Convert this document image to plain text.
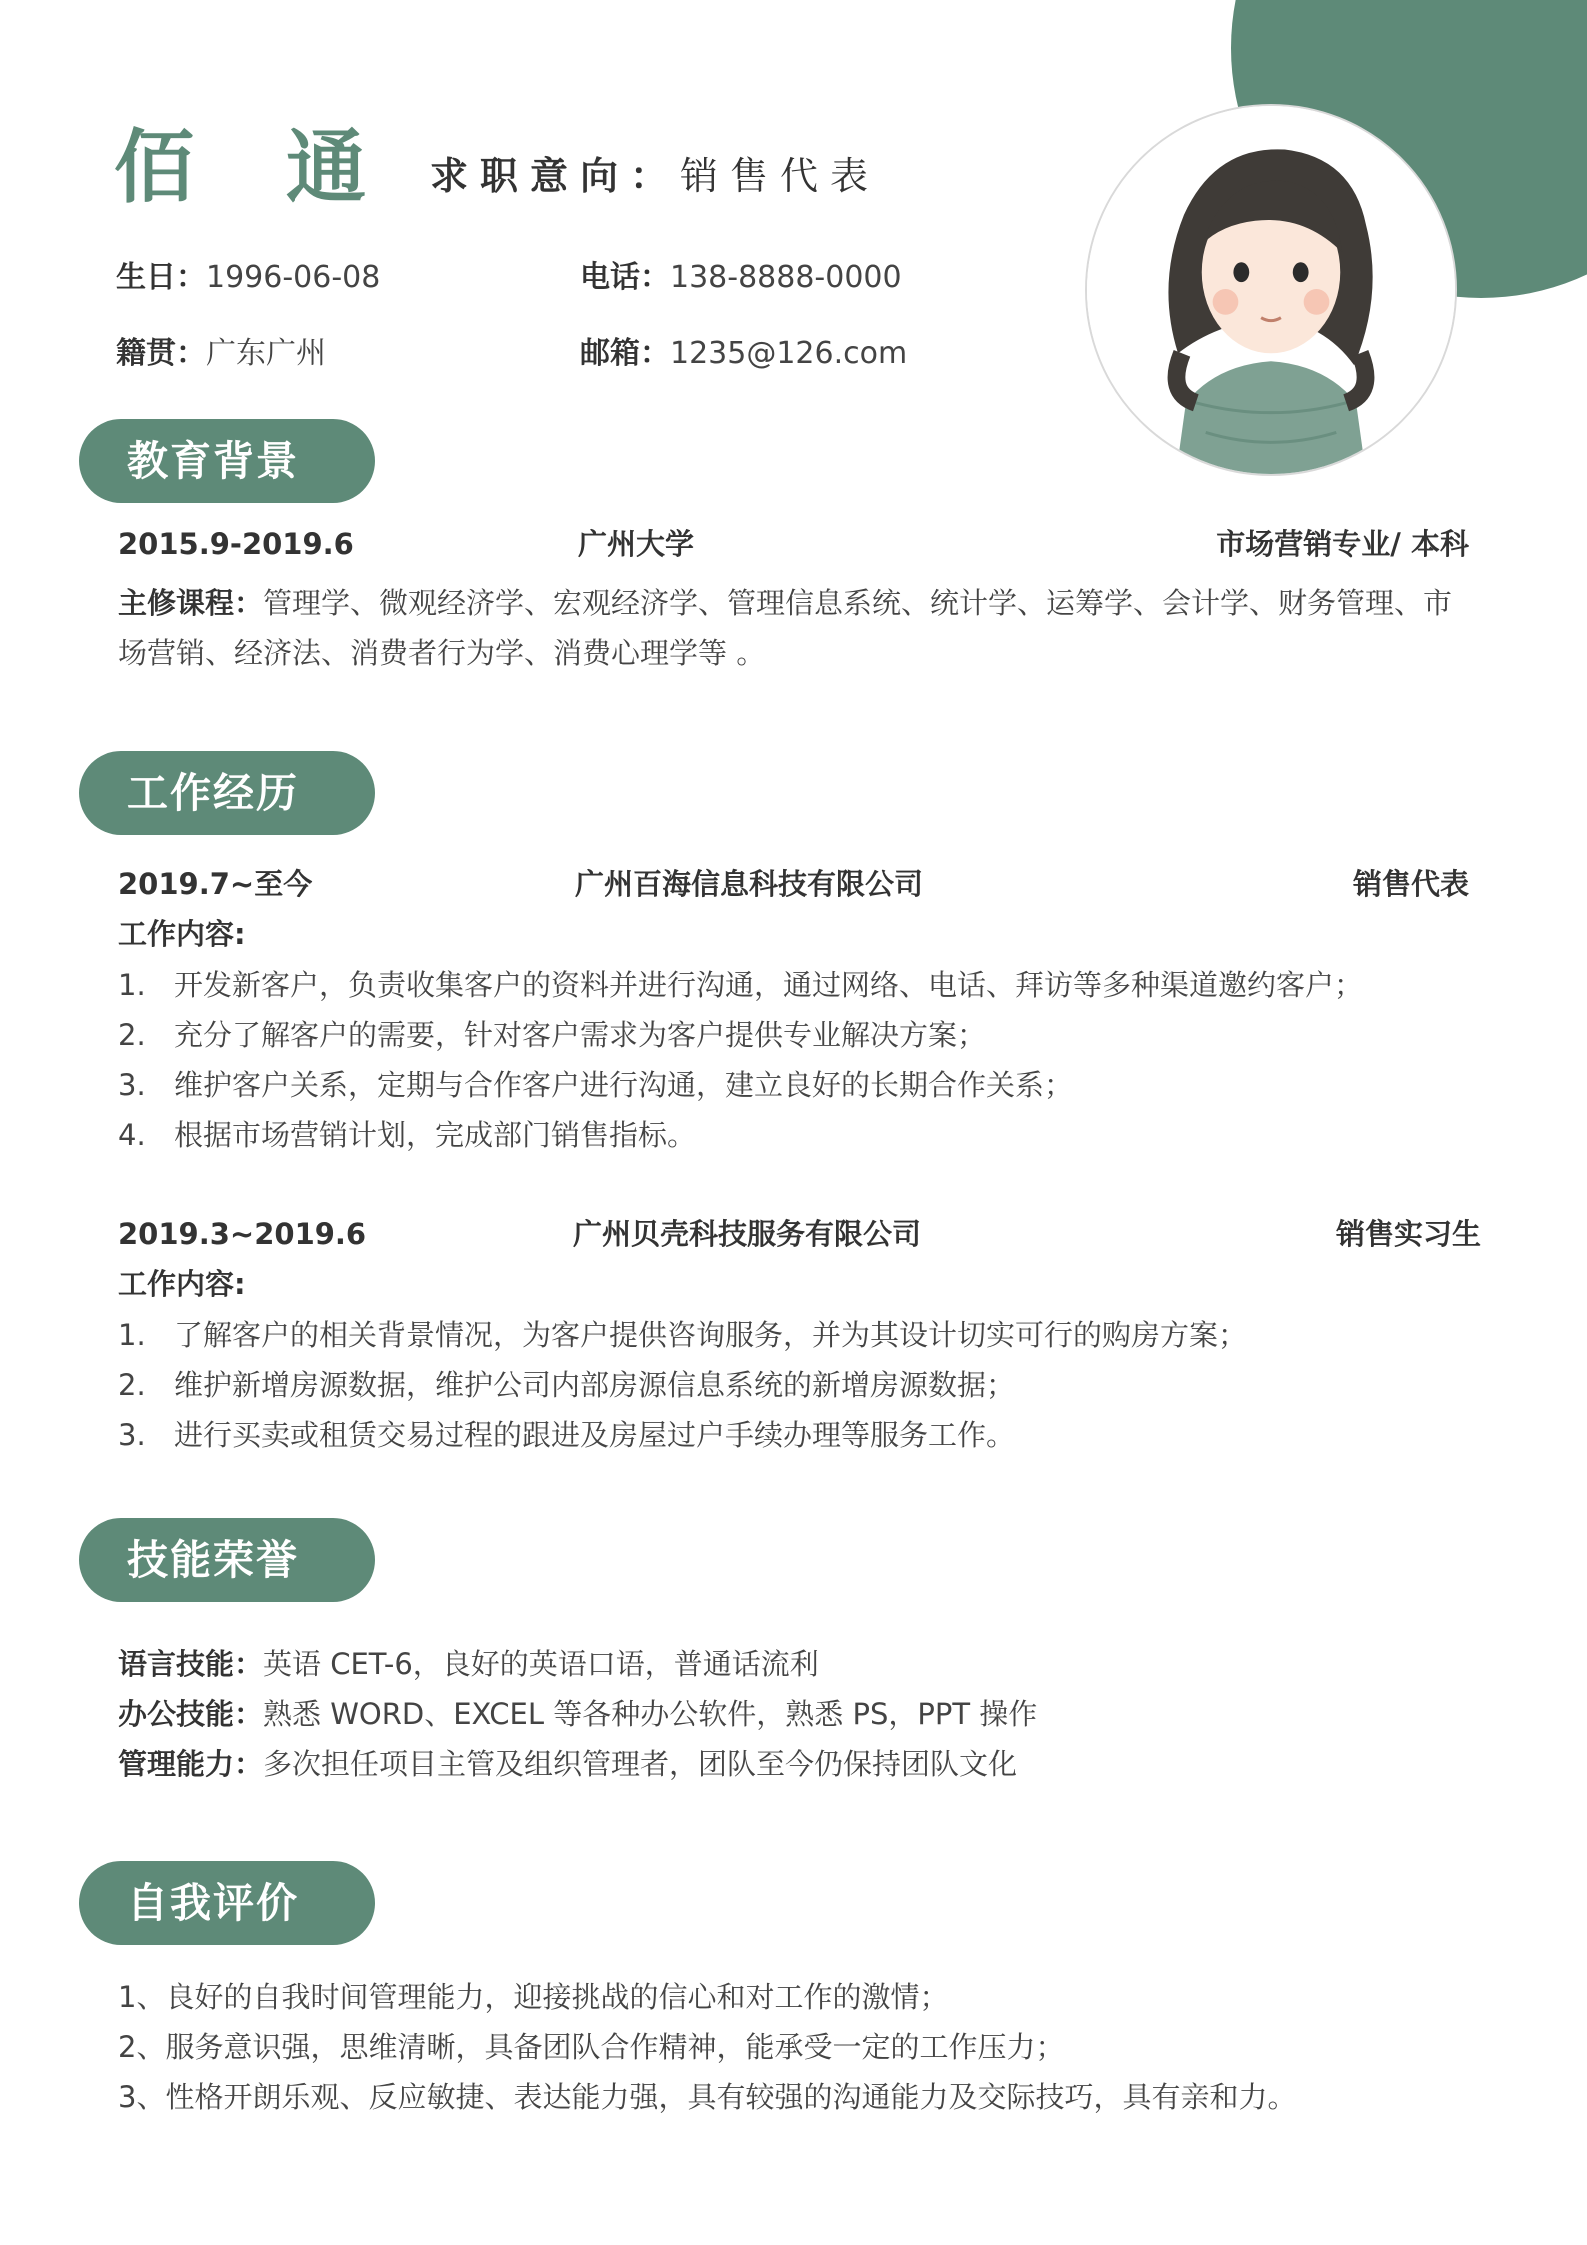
佰通
求职意向：销售代表
生日：1996-06-08	电话：138-8888-0000
籍贯：广东广州	邮箱：1235@126.com
教育背景
2015.9-2019.6	广州大学	市场营销专业/ 本科
主修课程：管理学、微观经济学、宏观经济学、管理信息系统、统计学、运筹学、会计学、财务管理、市
场营销、经济法、消费者行为学、消费心理学等 。
工作经历
2019.7~至今	广州百海信息科技有限公司	销售代表
工作内容:
1. 开发新客户，负责收集客户的资料并进行沟通，通过网络、电话、拜访等多种渠道邀约客户；
2. 充分了解客户的需要，针对客户需求为客户提供专业解决方案；
3. 维护客户关系，定期与合作客户进行沟通，建立良好的长期合作关系；
4. 根据市场营销计划，完成部门销售指标。
2019.3~2019.6	广州贝壳科技服务有限公司	销售实习生
工作内容:
1. 了解客户的相关背景情况，为客户提供咨询服务，并为其设计切实可行的购房方案；
2. 维护新增房源数据，维护公司内部房源信息系统的新增房源数据；
3. 进行买卖或租赁交易过程的跟进及房屋过户手续办理等服务工作。
技能荣誉
语言技能：英语 CET-6，良好的英语口语，普通话流利
办公技能：熟悉 WORD、EXCEL 等各种办公软件，熟悉 PS，PPT 操作
管理能力：多次担任项目主管及组织管理者，团队至今仍保持团队文化
自我评价
1、良好的自我时间管理能力，迎接挑战的信心和对工作的激情；
2、服务意识强，思维清晰，具备团队合作精神，能承受一定的工作压力；
3、性格开朗乐观、反应敏捷、表达能力强，具有较强的沟通能力及交际技巧，具有亲和力。
